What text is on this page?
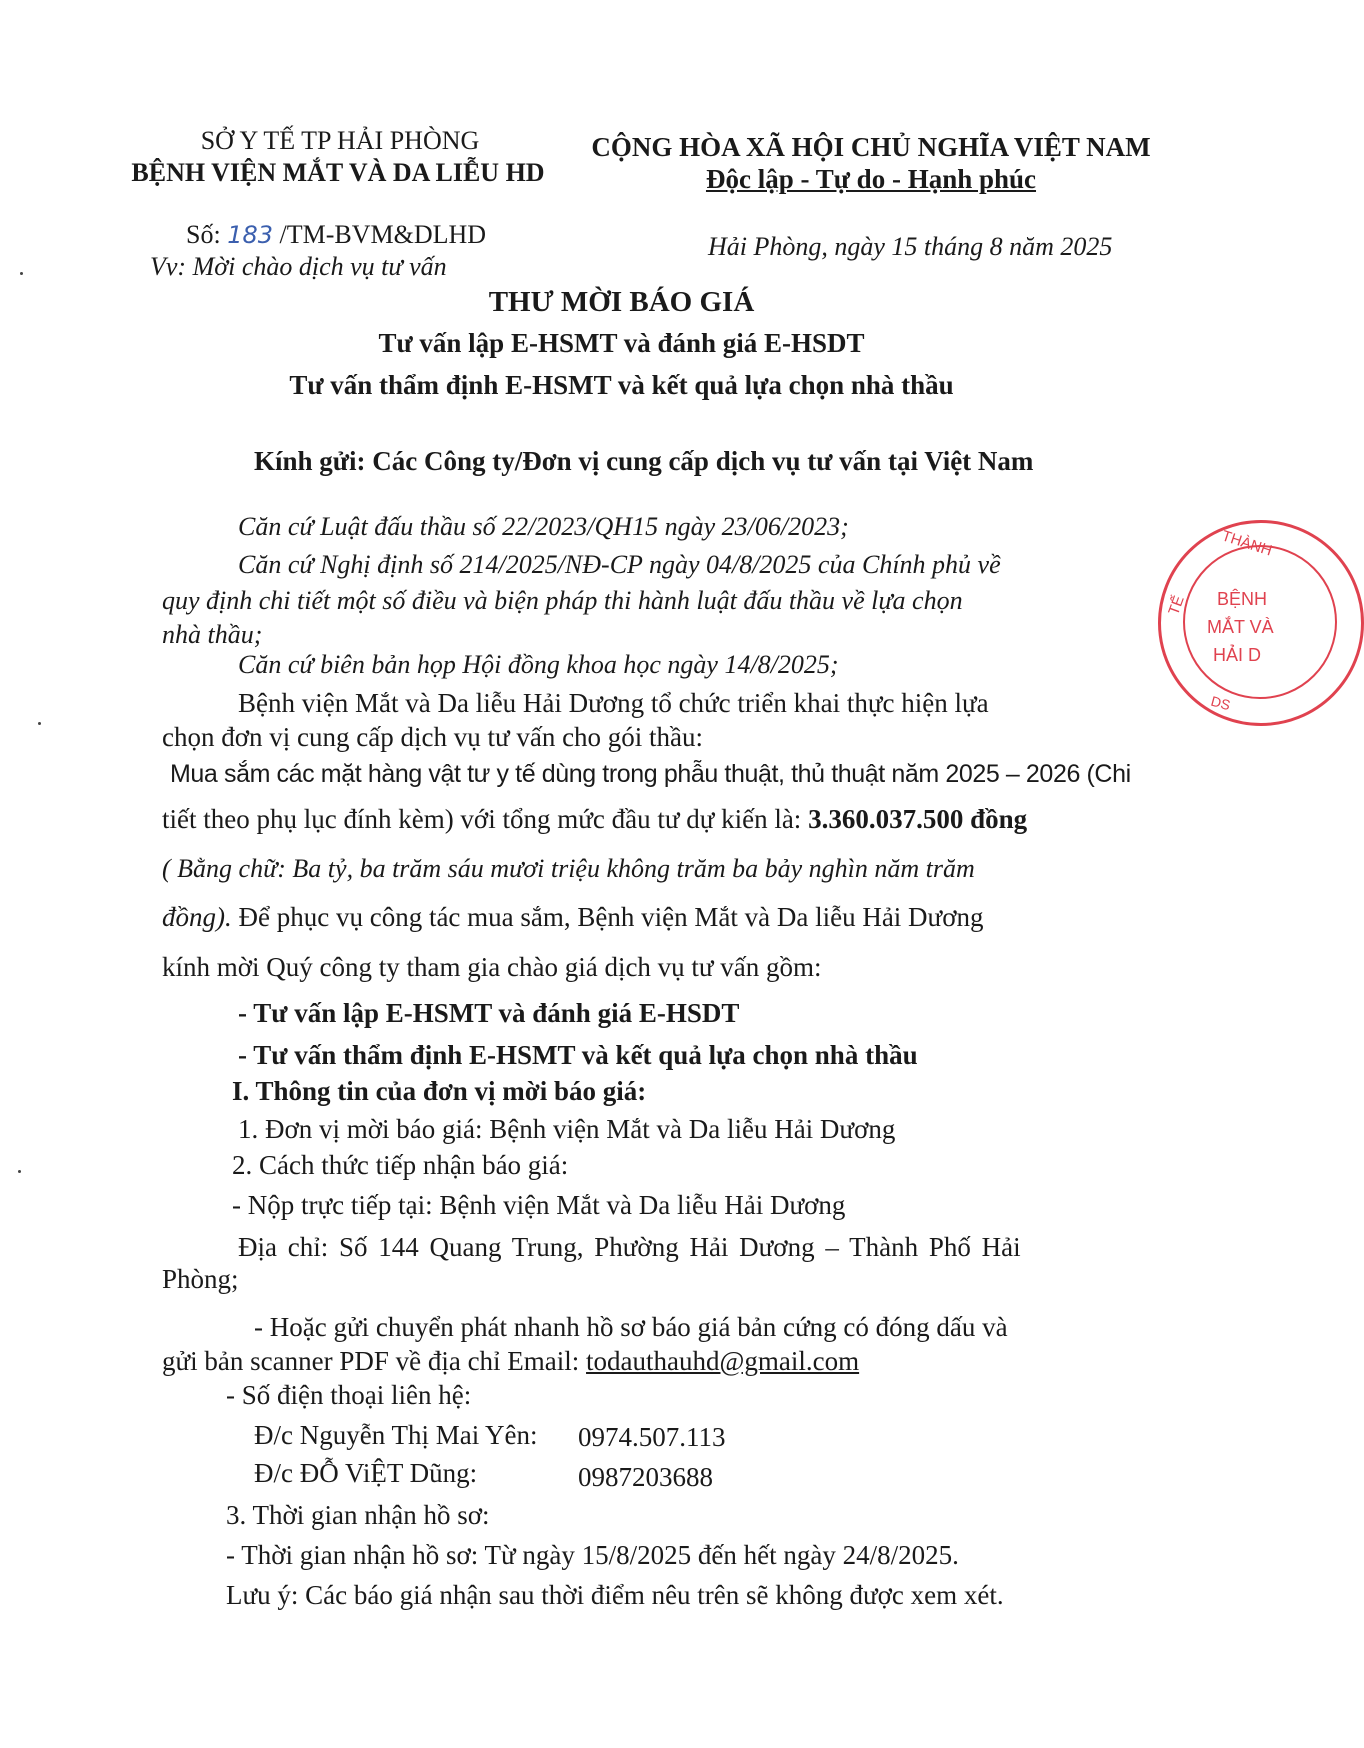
SỞ Y TẾ TP HẢI PHÒNG
BỆNH VIỆN MẮT VÀ DA LIỄU HD
CỘNG HÒA XÃ HỘI CHỦ NGHĨA VIỆT NAM
Độc lập - Tự do - Hạnh phúc
Số: 183 /TM-BVM&DLHD
Vv: Mời chào dịch vụ tư vấn
Hải Phòng, ngày 15 tháng 8 năm 2025
THƯ MỜI BÁO GIÁ
Tư vấn lập E-HSMT và đánh giá E-HSDT
Tư vấn thẩm định E-HSMT và kết quả lựa chọn nhà thầu
Kính gửi: Các Công ty/Đơn vị cung cấp dịch vụ tư vấn tại Việt Nam
Căn cứ Luật đấu thầu số 22/2023/QH15 ngày 23/06/2023;
Căn cứ Nghị định số 214/2025/NĐ-CP ngày 04/8/2025 của Chính phủ về
quy định chi tiết một số điều và biện pháp thi hành luật đấu thầu về lựa chọn
nhà thầu;
Căn cứ biên bản họp Hội đồng khoa học ngày 14/8/2025;
Bệnh viện Mắt và Da liễu Hải Dương tổ chức triển khai thực hiện lựa
chọn đơn vị cung cấp dịch vụ tư vấn cho gói thầu:
Mua sắm các mặt hàng vật tư y tế dùng trong phẫu thuật, thủ thuật năm 2025 – 2026 (Chi
tiết theo phụ lục đính kèm) với tổng mức đầu tư dự kiến là: 3.360.037.500 đồng
( Bằng chữ: Ba tỷ, ba trăm sáu mươi triệu không trăm ba bảy nghìn năm trăm
đồng). Để phục vụ công tác mua sắm, Bệnh viện Mắt và Da liễu Hải Dương
kính mời Quý công ty tham gia chào giá dịch vụ tư vấn gồm:
- Tư vấn lập E-HSMT và đánh giá E-HSDT
- Tư vấn thẩm định E-HSMT và kết quả lựa chọn nhà thầu
I. Thông tin của đơn vị mời báo giá:
1. Đơn vị mời báo giá: Bệnh viện Mắt và Da liễu Hải Dương
2. Cách thức tiếp nhận báo giá:
- Nộp trực tiếp tại: Bệnh viện Mắt và Da liễu Hải Dương
Địa chỉ: Số 144 Quang Trung, Phường Hải Dương – Thành Phố Hải
Phòng;
- Hoặc gửi chuyển phát nhanh hồ sơ báo giá bản cứng có đóng dấu và
gửi bản scanner PDF về địa chỉ Email: todauthauhd@gmail.com
- Số điện thoại liên hệ:
Đ/c Nguyễn Thị Mai Yên: 0974.507.113
Đ/c ĐỖ ViỆT Dũng:	0987203688
3. Thời gian nhận hồ sơ:
- Thời gian nhận hồ sơ: Từ ngày 15/8/2025 đến hết ngày 24/8/2025.
Lưu ý: Các báo giá nhận sau thời điểm nêu trên sẽ không được xem xét.
THÀNH
BỆNH
MẮT VÀ
HẢI D
TẾ
DS
